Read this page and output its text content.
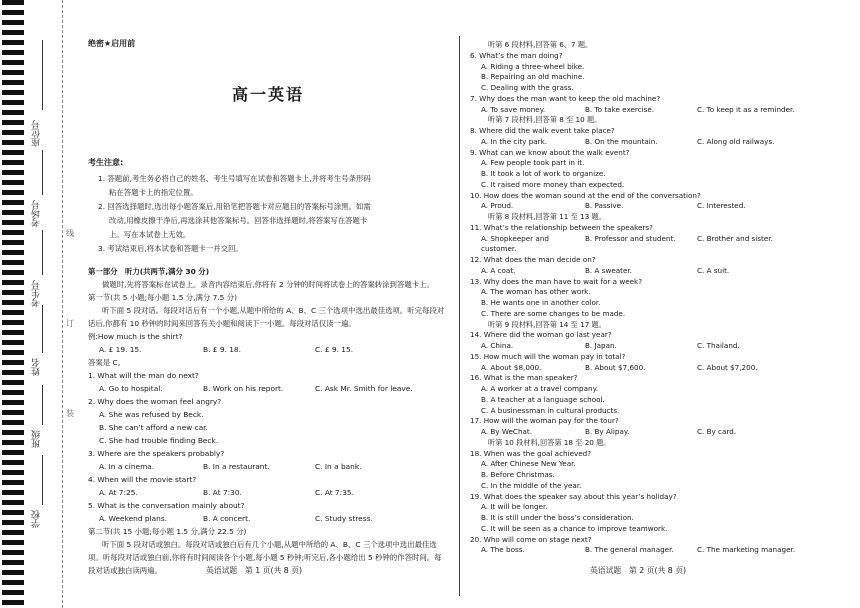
座位号
考场号
考生号
姓名
班级
学校
线
订
装
绝密★启用前
高一英语
考生注意:

1. 答题前,考生务必将自己的姓名、考生号填写在试卷和答题卡上,并将考生号条形码

粘在答题卡上的指定位置。

2. 回答选择题时,选出每小题答案后,用铅笔把答题卡对应题目的答案标号涂黑。如需

改动,用橡皮擦干净后,再选涂其他答案标号。回答非选择题时,将答案写在答题卡

上。写在本试卷上无效。

3. 考试结束后,将本试卷和答题卡一并交回。

第一部分　听力(共两节,满分 30 分)

做题时,先将答案标在试卷上。录音内容结束后,你将有 2 分钟的时间将试卷上的答案转涂到答题卡上。

第一节(共 5 小题;每小题 1.5 分,满分 7.5 分)

听下面 5 段对话。每段对话后有一个小题,从题中所给的 A、B、C 三个选项中选出最佳选项。听完每段对话后,你都有 10 秒钟的时间来回答有关小题和阅读下一小题。每段对话仅读一遍。

例:How much is the shirt?

A. £ 19. 15.	B. £ 9. 18.	C. £ 9. 15.

答案是 C。

1. What will the man do next?

A. Go to hospital.	B. Work on his report.	C. Ask Mr. Smith for leave.

2. Why does the woman feel angry?

A. She was refused by Beck.

B. She can’t afford a new car.

C. She had trouble finding Beck.

3. Where are the speakers probably?

A. In a cinema.	B. In a restaurant.	C. In a bank.

4. When will the movie start?

A. At 7:25.	B. At 7:30.	C. At 7:35.

5. What is the conversation mainly about?

A. Weekend plans.	B. A concert.	C. Study stress.

第二节(共 15 小题;每小题 1.5 分,满分 22.5 分)

听下面 5 段对话或独白。每段对话或独白后有几个小题,从题中所给的 A、B、C 三个选项中选出最佳选项。听每段对话或独白前,你将有时间阅读各个小题,每小题 5 秒钟;听完后,各小题给出 5 秒钟的作答时间。每段对话或独白读两遍。	英语试题　第 1 页(共 8 页)

听第 6 段材料,回答第 6、7 题。

6. What’s the man doing?

A. Riding a three-wheel bike.

B. Repairing an old machine.

C. Dealing with the grass.

7. Why does the man want to keep the old machine?

A. To save money.	B. To take exercise.	C. To keep it as a reminder.

听第 7 段材料,回答第 8 至 10 题。

8. Where did the walk event take place?

A. In the city park.	B. On the mountain.	C. Along old railways.

9. What can we know about the walk event?

A. Few people took part in it.

B. It took a lot of work to organize.

C. It raised more money than expected.

10. How does the woman sound at the end of the conversation?

A. Proud.	B. Passive.	C. Interested.

听第 8 段材料,回答第 11 至 13 题。

11. What’s the relationship between the speakers?

A. Shopkeeper and customer.
B. Professor and student.	C. Brother and sister.

12. What does the man decide on?

A. A coat.	B. A sweater.	C. A suit.

13. Why does the man have to wait for a week?

A. The woman has other work.

B. He wants one in another color.

C. There are some changes to be made.

听第 9 段材料,回答第 14 至 17 题。

14. Where did the woman go last year?

A. China.	B. Japan.	C. Thailand.

15. How much will the woman pay in total?

A. About $8,000.	B. About $7,600.	C. About $7,200.

16. What is the man speaker?

A. A worker at a travel company.

B. A teacher at a language school.

C. A businessman in cultural products.

17. How will the woman pay for the tour?

A. By WeChat.	B. By Alipay.	C. By card.

听第 10 段材料,回答第 18 至 20 题。

18. When was the goal achieved?

A. After Chinese New Year.

B. Before Christmas.

C. In the middle of the year.

19. What does the speaker say about this year’s holiday?

A. It will be longer.

B. It is still under the boss’s consideration.

C. It will be seen as a chance to improve teamwork.

20. Who will come on stage next?

A. The boss.	B. The general manager.	C. The marketing manager.
英语试题　第 2 页(共 8 页)
